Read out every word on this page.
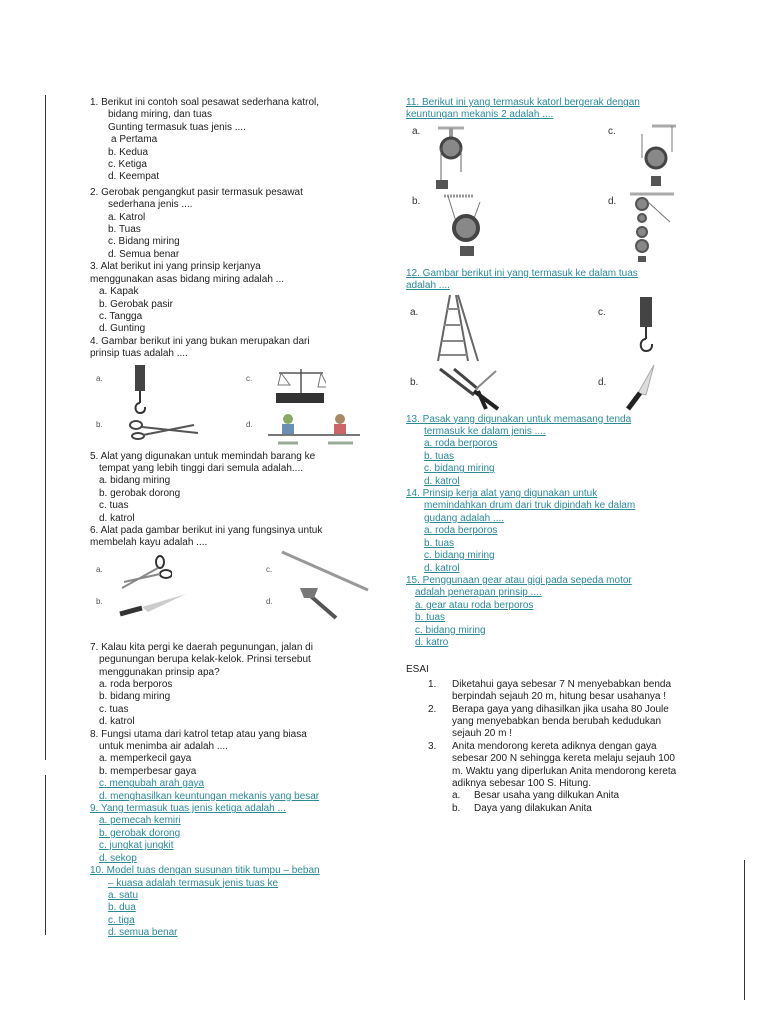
1. Berikut ini contoh soal pesawat sederhana katrol,
bidang miring, dan tuas
Gunting termasuk tuas jenis ....
a Pertama
b. Kedua
c. Ketiga
d. Keempat
2. Gerobak pengangkut pasir termasuk pesawat
sederhana jenis ....
a. Katrol
b. Tuas
c. Bidang miring
d. Semua benar
3. Alat berikut ini yang prinsip kerjanya
menggunakan asas bidang miring adalah ...
a. Kapak
b. Gerobak pasir
c. Tangga
d. Gunting
4. Gambar berikut ini yang bukan merupakan dari
prinsip tuas adalah ....
a.
b.
c.
d.
5. Alat yang digunakan untuk memindah barang ke
tempat yang lebih tinggi dari semula adalah....
a. bidang miring
b. gerobak dorong
c. tuas
d. katrol
6. Alat pada gambar berikut ini yang fungsinya untuk
membelah kayu adalah ....
a.
b.
c.
d.
7. Kalau kita pergi ke daerah pegunungan, jalan di
pegunungan berupa kelak-kelok. Prinsi tersebut
menggunakan prinsip apa?
a. roda berporos
b. bidang miring
c. tuas
d. katrol
8. Fungsi utama dari katrol tetap atau yang biasa
untuk menimba air adalah ....
a. memperkecil gaya
b. memperbesar gaya
c. mengubah arah gaya
d. menghasilkan keuntungan mekanis yang besar
9. Yang termasuk tuas jenis ketiga adalah ...
a. pemecah kemiri
b. gerobak dorong
c. jungkat jungkit
d. sekop
10. Model tuas dengan susunan titik tumpu – beban
– kuasa adalah termasuk jenis tuas ke
a. satu
b. dua
c. tiga
d. semua benar
11. Berikut ini yang termasuk katorl bergerak dengan
keuntungan mekanis 2 adalah ....
a.
b.
c.
d.
12. Gambar berikut ini yang termasuk ke dalam tuas
adalah ....
a.
b.
c.
d.
13. Pasak yang digunakan untuk memasang tenda
termasuk ke dalam jenis ....
a. roda berporos
b. tuas
c. bidang miring
d. katrol
14. Prinsip kerja alat yang digunakan untuk
memindahkan drum dari truk dipindah ke dalam
gudang adalah ....
a. roda berporos
b. tuas
c. bidang miring
d. katrol
15. Penggunaan gear atau gigi pada sepeda motor
adalah penerapan prinsip ....
a. gear atau roda berporos
b. tuas
c. bidang miring
d. katro
ESAI
1.	Diketahui gaya sebesar 7 N menyebabkan benda berpindah sejauh 20 m, hitung besar usahanya !
2.	Berapa gaya yang dihasilkan jika usaha 80 Joule yang menyebabkan benda berubah kedudukan sejauh 20 m !
3.	Anita mendorong kereta adiknya dengan gaya sebesar 200 N sehingga kereta melaju sejauh 100 m. Waktu yang diperlukan Anita mendorong kereta adiknya sebesar 100 S. Hitung.
a.	Besar usaha yang dilkukan Anita
b.	Daya yang dilakukan Anita
